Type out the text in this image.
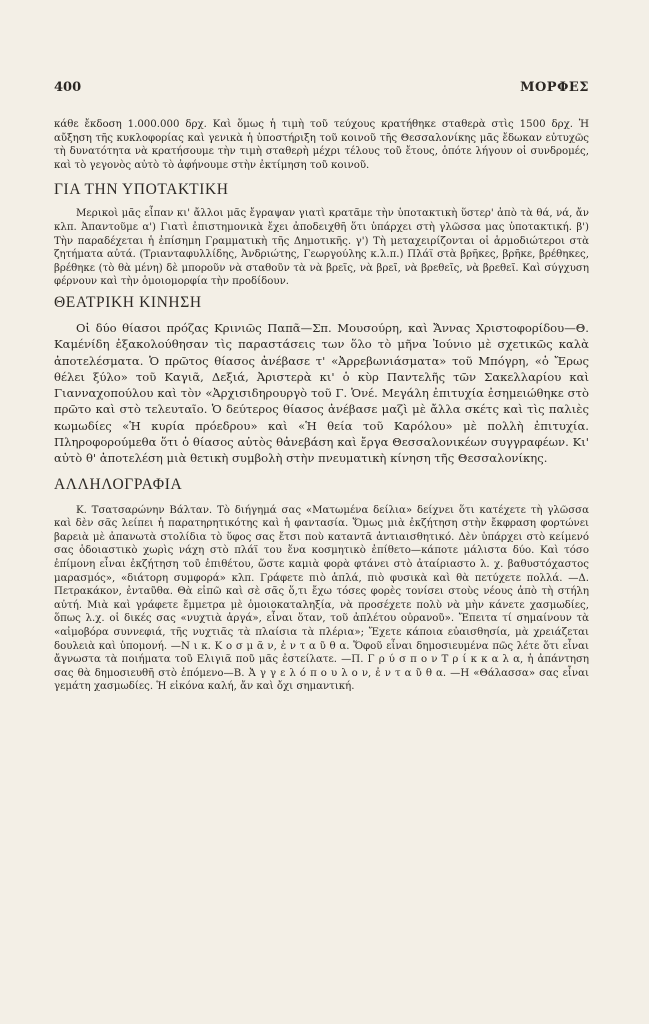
400	ΜΟΡΦΕΣ

κάθε ἔκδοση 1.000.000 δρχ. Καὶ ὅμως ἡ τιμὴ τοῦ τεύχους κρατήθηκε σταθερὰ στὶς 1500 δρχ. Ἡ αὔξηση τῆς κυκλοφορίας καὶ γενικὰ ἡ ὑποστήριξη τοῦ κοινοῦ τῆς Θεσσαλονίκης μᾶς ἔδωκαν εὐτυχῶς τὴ δυνατότητα νὰ κρατήσουμε τὴν τιμὴ σταθερὴ μέχρι τέλους τοῦ ἔτους, ὁπότε λήγουν οἱ συνδρομές, καὶ τὸ γεγονὸς αὐτὸ τὸ ἀφήνουμε στὴν ἐκτίμηση τοῦ κοινοῦ.

ΓΙΑ ΤΗΝ ΥΠΟΤΑΚΤΙΚΗ

Μερικοὶ μᾶς εἶπαν κι' ἄλλοι μᾶς ἔγραψαν γιατὶ κρατᾶμε τὴν ὑποτακτικὴ ὕστερ' ἀπὸ τὰ θά, νά, ἄν κλπ. Ἀπαντοῦμε α') Γιατὶ ἐπιστημονικὰ ἔχει ἀποδειχθῆ ὅτι ὑπάρχει στὴ γλῶσσα μας ὑποτακτική. β') Τὴν παραδέχεται ἡ ἐπίσημη Γραμματικὴ τῆς Δημοτικῆς. γ') Τὴ μεταχειρίζονται οἱ ἁρμοδιώτεροι στὰ ζητήματα αὐτά. (Τριανταφυλλίδης, Ἀνδριώτης, Γεωργούλης κ.λ.π.) Πλάϊ στὰ βρῆκες, βρῆκε, βρέθηκες, βρέθηκε (τὸ θὰ μένη) δὲ μποροῦν νὰ σταθοῦν τὰ νὰ βρεῖς, νὰ βρεῖ, νὰ βρεθεῖς, νὰ βρεθεῖ. Καὶ σύγχυση φέρνουν καὶ τὴν ὁμοιομορφία τὴν προδίδουν.

ΘΕΑΤΡΙΚΗ ΚΙΝΗΣΗ

Οἱ δύο θίασοι πρόζας Κρινιῶς Παπᾶ—Σπ. Μουσούρη, καὶ Ἄννας Χριστοφορίδου—Θ. Καμένίδη ἐξακολούθησαν τὶς παραστάσεις των ὅλο τὸ μῆνα Ἰούνιο μὲ σχετικῶς καλὰ ἀποτελέσματα. Ὁ πρῶτος θίασος ἀνέβασε τ' «Ἀρρεβωνιάσματα» τοῦ Μπόγρη, «ὁ Ἔρως θέλει ξύλο» τοῦ Καγιᾶ, Δεξιά, Ἀριστερὰ κι' ὁ κὺρ Παντελῆς τῶν Σακελλαρίου καὶ Γιανναχοπούλου καὶ τὸν «Ἀρχισιδηρουργὸ τοῦ Γ. Ὁνέ. Μεγάλη ἐπιτυχία ἐσημειώθηκε στὸ πρῶτο καὶ στὸ τελευταῖο. Ὁ δεύτερος θίασος ἀνέβασε μαζὶ μὲ ἄλλα σκέτς καὶ τὶς παλιὲς κωμωδίες «Ἡ κυρία πρόεδρου» καὶ «Ἡ θεία τοῦ Καρόλου» μὲ πολλὴ ἐπιτυχία. Πληροφορούμεθα ὅτι ὁ θίασος αὐτὸς θἀνεβάση καὶ ἔργα Θεσσαλονικέων συγγραφέων. Κι' αὐτὸ θ' ἀποτελέση μιὰ θετικὴ συμβολὴ στὴν πνευματικὴ κίνηση τῆς Θεσσαλονίκης.

ΑΛΛΗΛΟΓΡΑΦΙΑ

Κ. Τσατσαρώνην Βάλταν. Τὸ διήγημά σας «Ματωμένα δείλια» δείχνει ὅτι κατέχετε τὴ γλῶσσα καὶ δὲν σᾶς λείπει ἡ παρατηρητικότης καὶ ἡ φαντασία. Ὅμως μιὰ ἐκζήτηση στὴν ἔκφραση φορτώνει βαρειὰ μὲ ἀπανωτὰ στολίδια τὸ ὕφος σας ἔτσι ποὺ καταντᾶ ἀντιαισθητικό. Δὲν ὑπάρχει στὸ κείμενό σας ὁδοιαστικὸ χωρὶς νάχη στὸ πλάϊ του ἕνα κοσμητικὸ ἐπίθετο—κάποτε μάλιστα δύο. Καὶ τόσο ἐπίμονη εἶναι ἐκζήτηση τοῦ ἐπιθέτου, ὥστε καμιὰ φορὰ φτάνει στὸ ἀταίριαστο λ. χ. βαθυστόχαστος μαρασμός», «διάτορη συμφορά» κλπ. Γράφετε πιὸ ἁπλά, πιὸ φυσικὰ καὶ θὰ πετύχετε πολλά. —Δ. Πετρακάκον, ἐνταῦθα. Θὰ εἰπῶ καὶ σὲ σᾶς ὅ,τι ἔχω τόσες φορὲς τονίσει στοὺς νέους ἀπὸ τὴ στήλη αὐτή. Μιὰ καὶ γράφετε ἔμμετρα μὲ ὁμοιοκαταληξία, νὰ προσέχετε πολὺ νὰ μὴν κάνετε χασμωδίες, ὅπως λ.χ. οἱ δικές σας «νυχτιὰ ἀργά», εἶναι ὅταν, τοῦ ἀπλέτου οὐρανοῦ». Ἔπειτα τί σημαίνουν τὰ «αἰμοβόρα συννεφιά, τῆς νυχτιᾶς τὰ πλαίσια τὰ πλέρια»; Ἔχετε κάποια εὐαισθησία, μὰ χρειάζεται δουλειὰ καὶ ὑπομονή. —Ν ι κ. Κ ο σ μ ᾶ ν, ἐ ν τ α ῦ θ α. Ὅφοῦ εἶναι δημοσιευμένα πῶς λέτε ὅτι εἶναι ἄγνωστα τὰ ποιήματα τοῦ Ελιγιᾶ ποῦ μᾶς ἐστείλατε. —Π. Γ ρ ύ σ π ο ν Τ ρ ί κ κ α λ α, ἡ ἀπάντηση σας θὰ δημοσιευθῆ στὸ ἑπόμενο—Β. Ἀ γ γ ε λ ό π ο υ λ ο ν, ἐ ν τ α ῦ θ α. —Η «Θάλασσα» σας εἶναι γεμάτη χασμωδίες. Ἡ εἰκόνα καλή, ἄν καὶ ὄχι σημαντική.
